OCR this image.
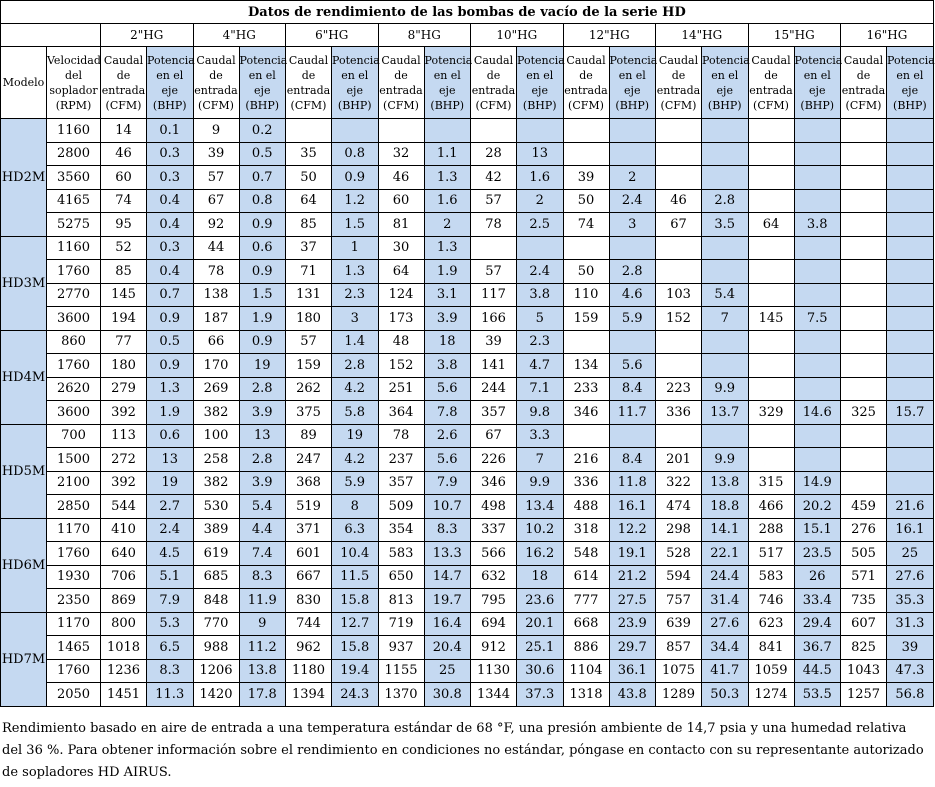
Datos de rendimiento de las bombas de vacío de la serie HD																			
		2"HG		4"HG		6"HG		8"HG		10"HG		12"HG		14"HG		15"HG		16"HG	
Modelo	Velocidad del soplador (RPM)	Caudal de entrada (CFM)	Potencia en el eje (BHP)	Caudal de entrada (CFM)	Potencia en el eje (BHP)	Caudal de entrada (CFM)	Potencia en el eje (BHP)	Caudal de entrada (CFM)	Potencia en el eje (BHP)	Caudal de entrada (CFM)	Potencia en el eje (BHP)	Caudal de entrada (CFM)	Potencia en el eje (BHP)	Caudal de entrada (CFM)	Potencia en el eje (BHP)	Caudal de entrada (CFM)	Potencia en el eje (BHP)	Caudal de entrada (CFM)	Potencia en el eje (BHP)
HD2M	1160	14	0.1	9	0.2														
	2800	46	0.3	39	0.5	35	0.8	32	1.1	28	13								
	3560	60	0.3	57	0.7	50	0.9	46	1.3	42	1.6	39	2						
	4165	74	0.4	67	0.8	64	1.2	60	1.6	57	2	50	2.4	46	2.8				
	5275	95	0.4	92	0.9	85	1.5	81	2	78	2.5	74	3	67	3.5	64	3.8		
HD3M	1160	52	0.3	44	0.6	37	1	30	1.3										
	1760	85	0.4	78	0.9	71	1.3	64	1.9	57	2.4	50	2.8						
	2770	145	0.7	138	1.5	131	2.3	124	3.1	117	3.8	110	4.6	103	5.4				
	3600	194	0.9	187	1.9	180	3	173	3.9	166	5	159	5.9	152	7	145	7.5		
HD4M	860	77	0.5	66	0.9	57	1.4	48	18	39	2.3								
	1760	180	0.9	170	19	159	2.8	152	3.8	141	4.7	134	5.6						
	2620	279	1.3	269	2.8	262	4.2	251	5.6	244	7.1	233	8.4	223	9.9				
	3600	392	1.9	382	3.9	375	5.8	364	7.8	357	9.8	346	11.7	336	13.7	329	14.6	325	15.7
HD5M	700	113	0.6	100	13	89	19	78	2.6	67	3.3								
	1500	272	13	258	2.8	247	4.2	237	5.6	226	7	216	8.4	201	9.9				
	2100	392	19	382	3.9	368	5.9	357	7.9	346	9.9	336	11.8	322	13.8	315	14.9		
	2850	544	2.7	530	5.4	519	8	509	10.7	498	13.4	488	16.1	474	18.8	466	20.2	459	21.6
HD6M	1170	410	2.4	389	4.4	371	6.3	354	8.3	337	10.2	318	12.2	298	14.1	288	15.1	276	16.1
	1760	640	4.5	619	7.4	601	10.4	583	13.3	566	16.2	548	19.1	528	22.1	517	23.5	505	25
	1930	706	5.1	685	8.3	667	11.5	650	14.7	632	18	614	21.2	594	24.4	583	26	571	27.6
	2350	869	7.9	848	11.9	830	15.8	813	19.7	795	23.6	777	27.5	757	31.4	746	33.4	735	35.3
HD7M	1170	800	5.3	770	9	744	12.7	719	16.4	694	20.1	668	23.9	639	27.6	623	29.4	607	31.3
	1465	1018	6.5	988	11.2	962	15.8	937	20.4	912	25.1	886	29.7	857	34.4	841	36.7	825	39
	1760	1236	8.3	1206	13.8	1180	19.4	1155	25	1130	30.6	1104	36.1	1075	41.7	1059	44.5	1043	47.3
	2050	1451	11.3	1420	17.8	1394	24.3	1370	30.8	1344	37.3	1318	43.8	1289	50.3	1274	53.5	1257	56.8
Rendimiento basado en aire de entrada a una temperatura estándar de 68 °F, una presión ambiente de 14,7 psia y una humedad relativa del 36 %. Para obtener información sobre el rendimiento en condiciones no estándar, póngase en contacto con su representante autorizado de sopladores HD AIRUS.
